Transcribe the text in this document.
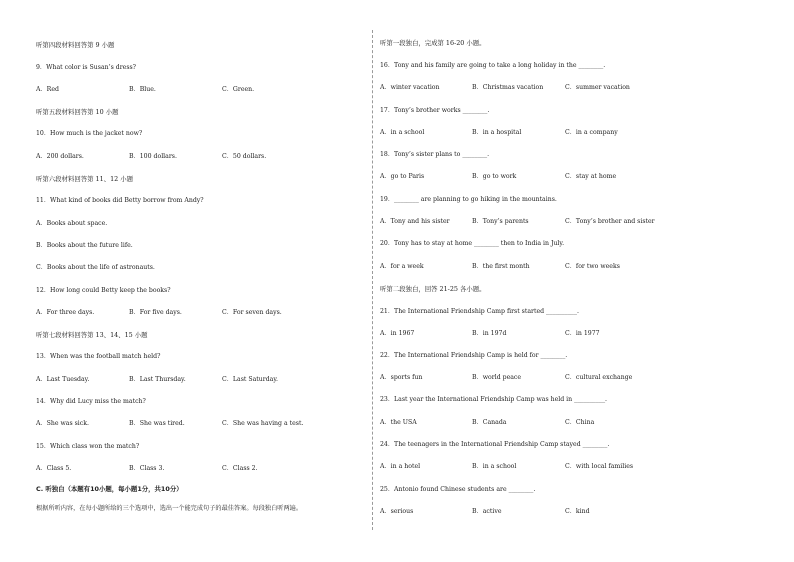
听第四段材料回答第 9 小题
9．What color is Susan’s dress?
A．Red	B．Blue.	C．Green.
听第五段材料回答第 10 小题
10．How much is the jacket now?
A．200 dollars.	B．100 dollars.	C．50 dollars.
听第六段材料回答第 11、12 小题
11．What kind of books did Betty borrow from Andy?
A．Books about space.
B．Books about the future life.
C．Books about the life of astronauts.
12．How long could Betty keep the books?
A．For three days.	B．For five days.	C．For seven days.
听第七段材料回答第 13、14、15 小题
13．When was the football match held?
A．Last Tuesday.	B．Last Thursday.	C．Last Saturday.
14．Why did Lucy miss the match?
A．She was sick.	B．She was tired.	C．She was having a test.
15．Which class won the match?
A．Class 5.	B．Class 3.	C．Class 2.
C. 听独白（本题有10小题，每小题1分，共10分）
根据所听内容，在每小题所给的三个选项中，选出一个能完成句子的最佳答案。每段独白听两遍。
听第一段独白，完成第 16-20 小题。
16．Tony and his family are going to take a long holiday in the ________.
A．winter vacation	B．Christmas vacation	C．summer vacation
17．Tony’s brother works ________.
A．in a school	B．in a hospital	C．in a company
18．Tony’s sister plans to ________.
A．go to Paris	B．go to work	C．stay at home
19．________ are planning to go hiking in the mountains.
A．Tony and his sister	B．Tony’s parents	C．Tony’s brother and sister
20．Tony has to stay at home ________ then to India in July.
A．for a week	B．the first month	C．for two weeks
听第二段独白，回答 21-25 各小题。
21．The International Friendship Camp first started __________.
A．in 1967	B．in 197d	C．in 1977
22．The International Friendship Camp is held for ________.
A．sports fun	B．world peace	C．cultural exchange
23．Last year the International Friendship Camp was held in __________.
A．the USA	B．Canada	C．China
24．The teenagers in the International Friendship Camp stayed ________.
A．in a hotel	B．in a school	C．with local families
25．Antonio found Chinese students are ________.
A．serious	B．active	C．kind
